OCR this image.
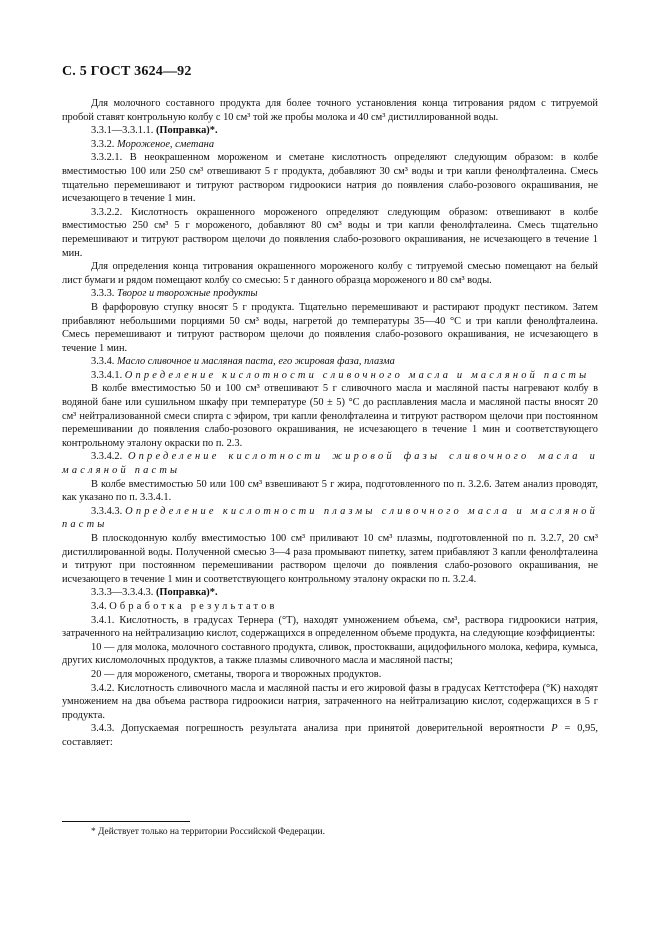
С. 5 ГОСТ 3624—92

Для молочного составного продукта для более точного установления конца титрования рядом с титруемой пробой ставят контрольную колбу с 10 см³ той же пробы молока и 40 см³ дистиллированной воды.

3.3.1—3.3.1.1. (Поправка)*.

3.3.2. Мороженое, сметана

3.3.2.1. В неокрашенном мороженом и сметане кислотность определяют следующим образом: в колбе вместимостью 100 или 250 см³ отвешивают 5 г продукта, добавляют 30 см³ воды и три капли фенолфталеина. Смесь тщательно перемешивают и титруют раствором гидроокиси натрия до появления слабо-розового окрашивания, не исчезающего в течение 1 мин.

3.3.2.2. Кислотность окрашенного мороженого определяют следующим образом: отвешивают в колбе вместимостью 250 см³ 5 г мороженого, добавляют 80 см³ воды и три капли фенолфталеина. Смесь тщательно перемешивают и титруют раствором щелочи до появления слабо-розового окрашивания, не исчезающего в течение 1 мин.

Для определения конца титрования окрашенного мороженого колбу с титруемой смесью помещают на белый лист бумаги и рядом помещают колбу со смесью: 5 г данного образца мороженого и 80 см³ воды.

3.3.3. Творог и творожные продукты

В фарфоровую ступку вносят 5 г продукта. Тщательно перемешивают и растирают продукт пестиком. Затем прибавляют небольшими порциями 50 см³ воды, нагретой до температуры 35—40 °С и три капли фенолфталеина. Смесь перемешивают и титруют раствором щелочи до появления слабо-розового окрашивания, не исчезающего в течение 1 мин.

3.3.4. Масло сливочное и масляная паста, его жировая фаза, плазма

3.3.4.1. Определение кислотности сливочного масла и масляной пасты

В колбе вместимостью 50 и 100 см³ отвешивают 5 г сливочного масла и масляной пасты нагревают колбу в водяной бане или сушильном шкафу при температуре (50 ± 5) °С до расплавления масла и масляной пасты вносят 20 см³ нейтрализованной смеси спирта с эфиром, три капли фенолфталеина и титруют раствором щелочи при постоянном перемешивании до появления слабо-розового окрашивания, не исчезающего в течение 1 мин и соответствующего контрольному эталону окраски по п. 2.3.

3.3.4.2. Определение кислотности жировой фазы сливочного масла и масляной пасты

В колбе вместимостью 50 или 100 см³ взвешивают 5 г жира, подготовленного по п. 3.2.6. Затем анализ проводят, как указано по п. 3.3.4.1.

3.3.4.3. Определение кислотности плазмы сливочного масла и масляной пасты

В плоскодонную колбу вместимостью 100 см³ приливают 10 см³ плазмы, подготовленной по п. 3.2.7, 20 см³ дистиллированной воды. Полученной смесью 3—4 раза промывают пипетку, затем прибавляют 3 капли фенолфталеина и титруют при постоянном перемешивании раствором щелочи до появления слабо-розового окрашивания, не исчезающего в течение 1 мин и соответствующего контрольному эталону окраски по п. 3.2.4.

3.3.3—3.3.4.3. (Поправка)*.

3.4. Обработка результатов

3.4.1. Кислотность, в градусах Тернера (°Т), находят умножением объема, см³, раствора гидроокиси натрия, затраченного на нейтрализацию кислот, содержащихся в определенном объеме продукта, на следующие коэффициенты:

10 — для молока, молочного составного продукта, сливок, простокваши, ацидофильного молока, кефира, кумыса, других кисломолочных продуктов, а также плазмы сливочного масла и масляной пасты;

20 — для мороженого, сметаны, творога и творожных продуктов.

3.4.2. Кислотность сливочного масла и масляной пасты и его жировой фазы в градусах Кеттстофера (°К) находят умножением на два объема раствора гидроокиси натрия, затраченного на нейтрализацию кислот, содержащихся в 5 г продукта.

3.4.3. Допускаемая погрешность результата анализа при принятой доверительной вероятности P = 0,95, составляет:

* Действует только на территории Российской Федерации.
